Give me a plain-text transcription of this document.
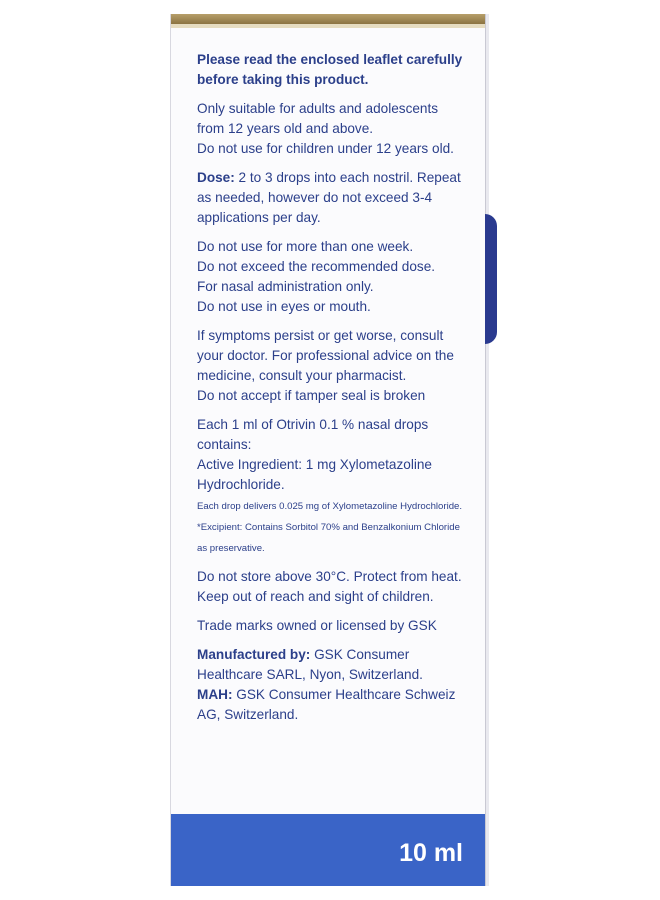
Please read the enclosed leaflet carefully before taking this product.

Only suitable for adults and adolescents from 12 years old and above.
Do not use for children under 12 years old.

Dose: 2 to 3 drops into each nostril. Repeat as needed, however do not exceed 3-4 applications per day.

Do not use for more than one week.
Do not exceed the recommended dose.
For nasal administration only.
Do not use in eyes or mouth.

If symptoms persist or get worse, consult your doctor. For professional advice on the medicine, consult your pharmacist.
Do not accept if tamper seal is broken

Each 1 ml of Otrivin 0.1 % nasal drops contains:
Active Ingredient: 1 mg Xylometazoline Hydrochloride.
Each drop delivers 0.025 mg of Xylometazoline Hydrochloride.
*Excipient: Contains Sorbitol 70% and Benzalkonium Chloride as preservative.

Do not store above 30°C. Protect from heat.
Keep out of reach and sight of children.

Trade marks owned or licensed by GSK

Manufactured by: GSK Consumer Healthcare SARL, Nyon, Switzerland.
MAH: GSK Consumer Healthcare Schweiz AG, Switzerland.

10 ml
